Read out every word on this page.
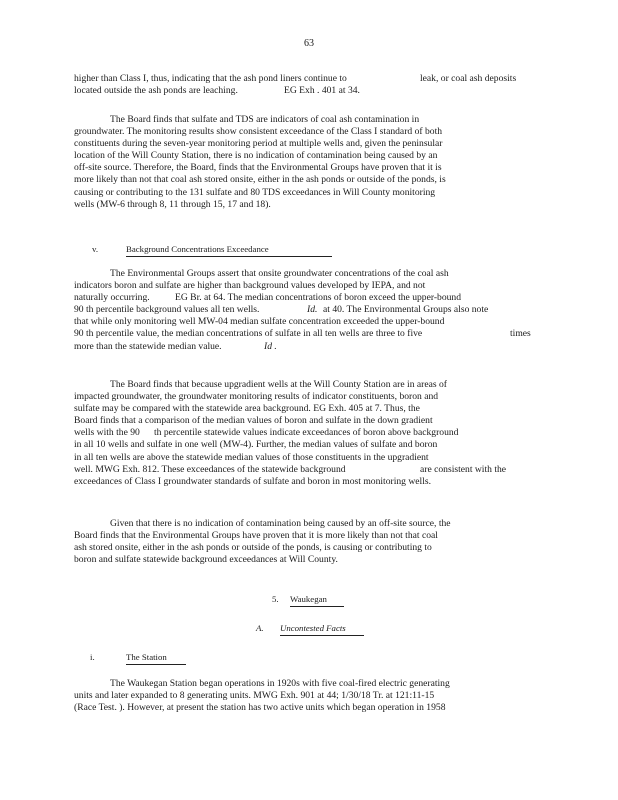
63
higher than Class I, thus, indicating that the ash pond liners continue to	leak, or coal ash deposits
located outside the ash ponds are leaching.	EG Exh . 401 at 34.
The Board finds that sulfate and TDS are indicators of coal ash contamination in
groundwater. The monitoring results show consistent exceedance of the Class I standard of both
constituents during the seven-year monitoring period at multiple wells and, given the peninsular
location of the Will County Station, there is no indication of contamination being caused by an
off-site source. Therefore, the Board, finds that the Environmental Groups have proven that it is
more likely than not that coal ash stored onsite, either in the ash ponds or outside of the ponds, is
causing or contributing to the 131 sulfate and 80 TDS exceedances in Will County monitoring
wells (MW-6 through 8, 11 through 15, 17 and 18).
v.	Background Concentrations Exceedance
The Environmental Groups assert that onsite groundwater concentrations of the coal ash
indicators boron and sulfate are higher than background values developed by IEPA, and not
naturally occurring.	EG Br. at 64. The median concentrations of boron exceed the upper-bound
90 th percentile background values all ten wells.	Id. at 40. The Environmental Groups also note
that while only monitoring well MW-04 median sulfate concentration exceeded the upper-bound
90 th percentile value, the median concentrations of sulfate in all ten wells are three to five	times
more than the statewide median value.	Id .
The Board finds that because upgradient wells at the Will County Station are in areas of
impacted groundwater, the groundwater monitoring results of indicator constituents, boron and
sulfate may be compared with the statewide area background. EG Exh. 405 at 7. Thus, the
Board finds that a comparison of the median values of boron and sulfate in the down gradient
wells with the 90 th percentile statewide values indicate exceedances of boron above background
in all 10 wells and sulfate in one well (MW-4). Further, the median values of sulfate and boron
in all ten wells are above the statewide median values of those constituents in the upgradient
well. MWG Exh. 812. These exceedances of the statewide background	are consistent with the
exceedances of Class I groundwater standards of sulfate and boron in most monitoring wells.
Given that there is no indication of contamination being caused by an off-site source, the
Board finds that the Environmental Groups have proven that it is more likely than not that coal
ash stored onsite, either in the ash ponds or outside of the ponds, is causing or contributing to
boron and sulfate statewide background exceedances at Will County.
5. Waukegan
A. Uncontested Facts
i.	The Station
The Waukegan Station began operations in 1920s with five coal-fired electric generating
units and later expanded to 8 generating units. MWG Exh. 901 at 44; 1/30/18 Tr. at 121:11-15
(Race Test. ). However, at present the station has two active units which began operation in 1958
